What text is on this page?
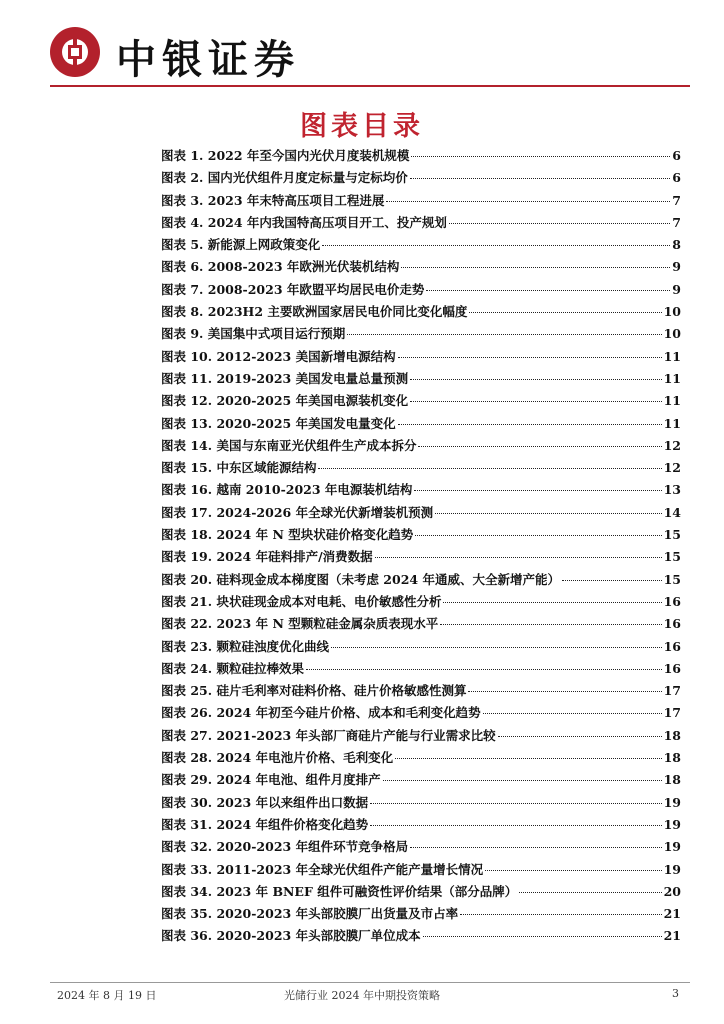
中银证券
图表目录
图表 1. 2022 年至今国内光伏月度装机规模	6
图表 2. 国内光伏组件月度定标量与定标均价	6
图表 3. 2023 年末特高压项目工程进展	7
图表 4. 2024 年内我国特高压项目开工、投产规划	7
图表 5. 新能源上网政策变化	8
图表 6. 2008-2023 年欧洲光伏装机结构	9
图表 7. 2008-2023 年欧盟平均居民电价走势	9
图表 8. 2023H2 主要欧洲国家居民电价同比变化幅度	10
图表 9. 美国集中式项目运行预期	10
图表 10. 2012-2023 美国新增电源结构	11
图表 11. 2019-2023 美国发电量总量预测	11
图表 12. 2020-2025 年美国电源装机变化	11
图表 13. 2020-2025 年美国发电量变化	11
图表 14. 美国与东南亚光伏组件生产成本拆分	12
图表 15. 中东区域能源结构	12
图表 16. 越南 2010-2023 年电源装机结构	13
图表 17. 2024-2026 年全球光伏新增装机预测	14
图表 18. 2024 年 N 型块状硅价格变化趋势	15
图表 19. 2024 年硅料排产/消费数据	15
图表 20. 硅料现金成本梯度图（未考虑 2024 年通威、大全新增产能）	15
图表 21. 块状硅现金成本对电耗、电价敏感性分析	16
图表 22. 2023 年 N 型颗粒硅金属杂质表现水平	16
图表 23. 颗粒硅浊度优化曲线	16
图表 24. 颗粒硅拉棒效果	16
图表 25. 硅片毛利率对硅料价格、硅片价格敏感性测算	17
图表 26. 2024 年初至今硅片价格、成本和毛利变化趋势	17
图表 27. 2021-2023 年头部厂商硅片产能与行业需求比较	18
图表 28. 2024 年电池片价格、毛利变化	18
图表 29. 2024 年电池、组件月度排产	18
图表 30. 2023 年以来组件出口数据	19
图表 31. 2024 年组件价格变化趋势	19
图表 32. 2020-2023 年组件环节竞争格局	19
图表 33. 2011-2023 年全球光伏组件产能产量增长情况	19
图表 34. 2023 年 BNEF 组件可融资性评价结果（部分品牌）	20
图表 35. 2020-2023 年头部胶膜厂出货量及市占率	21
图表 36. 2020-2023 年头部胶膜厂单位成本	21
2024 年 8 月 19 日	光储行业 2024 年中期投资策略	3
